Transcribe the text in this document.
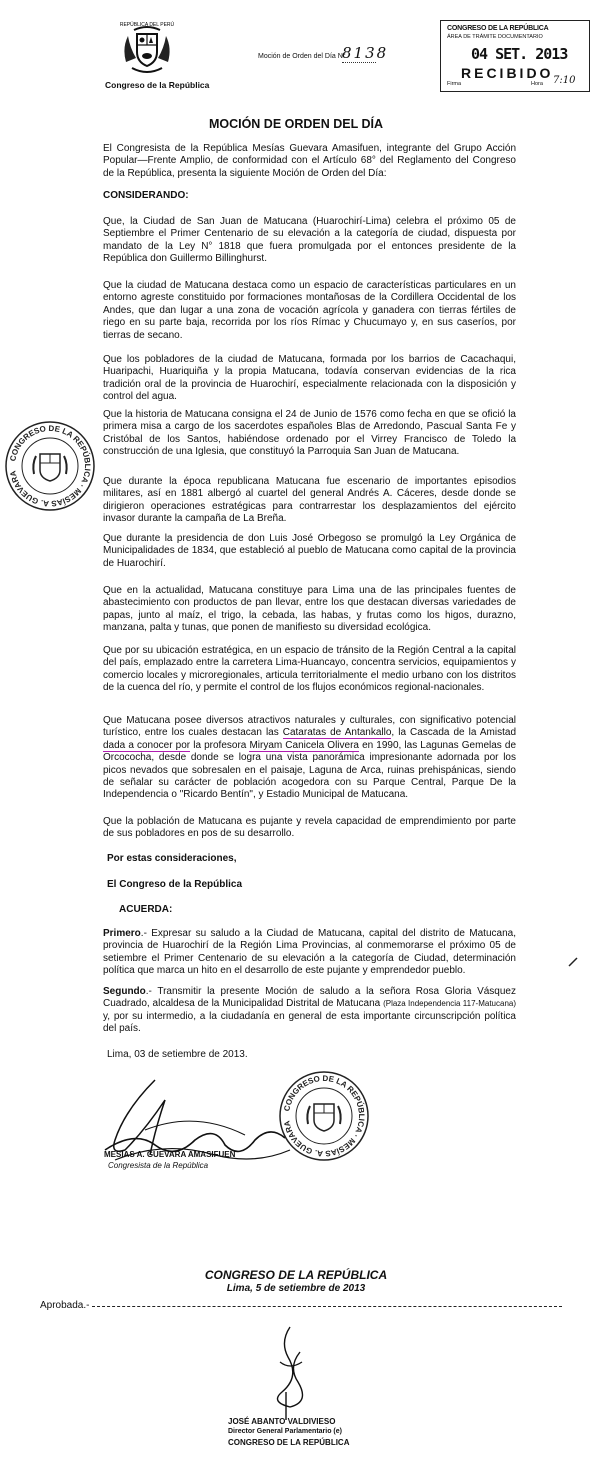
REPÚBLICA DEL PERÚ
Congreso de la República
Moción de Orden del Día N°
8138
CONGRESO DE LA REPÚBLICA
ÁREA DE TRÁMITE DOCUMENTARIO
04 SET. 2013
RECIBIDO
Firma	Hora 7:10
MOCIÓN DE ORDEN DEL DÍA

El Congresista de la República Mesías Guevara Amasifuen, integrante del Grupo Acción Popular—Frente Amplio, de conformidad con el Artículo 68° del Reglamento del Congreso de la República, presenta la siguiente Moción de Orden del Día:

CONSIDERANDO:

Que, la Ciudad de San Juan de Matucana (Huarochirí-Lima) celebra el próximo 05 de Septiembre el Primer Centenario de su elevación a la categoría de ciudad, dispuesta por mandato de la Ley N° 1818 que fuera promulgada por el entonces presidente de la República don Guillermo Billinghurst.

Que la ciudad de Matucana destaca como un espacio de características particulares en un entorno agreste constituido por formaciones montañosas de la Cordillera Occidental de los Andes, que dan lugar a una zona de vocación agrícola y ganadera con tierras fértiles de riego en su parte baja, recorrida por los ríos Rímac y Chucumayo y, en sus caseríos, por tierras de secano.

Que los pobladores de la ciudad de Matucana, formada por los barrios de Cacachaqui, Huaripachi, Huariquiña y la propia Matucana, todavía conservan evidencias de la rica tradición oral de la provincia de Huarochirí, especialmente relacionada con la disposición y control del agua.

Que la historia de Matucana consigna el 24 de Junio de 1576 como fecha en que se ofició la primera misa a cargo de los sacerdotes españoles Blas de Arredondo, Pascual Santa Fe y Cristóbal de los Santos, habiéndose ordenado por el Virrey Francisco de Toledo la construcción de una Iglesia, que constituyó la Parroquia San Juan de Matucana.

Que durante la época republicana Matucana fue escenario de importantes episodios militares, así en 1881 albergó al cuartel del general Andrés A. Cáceres, desde donde se dirigieron operaciones estratégicas para contrarrestar los desplazamientos del ejército invasor durante la campaña de La Breña.

Que durante la presidencia de don Luis José Orbegoso se promulgó la Ley Orgánica de Municipalidades de 1834, que estableció al pueblo de Matucana como capital de la provincia de Huarochirí.

Que en la actualidad, Matucana constituye para Lima una de las principales fuentes de abastecimiento con productos de pan llevar, entre los que destacan diversas variedades de papas, junto al maíz, el trigo, la cebada, las habas, y frutas como los higos, durazno, manzana, palta y tunas, que ponen de manifiesto su diversidad ecológica.

Que por su ubicación estratégica, en un espacio de tránsito de la Región Central a la capital del país, emplazado entre la carretera Lima-Huancayo, concentra servicios, equipamientos y comercio locales y microregionales, articula territorialmente el medio urbano con los distritos de la cuenca del río, y permite el control de los flujos económicos regional-nacionales.

Que Matucana posee diversos atractivos naturales y culturales, con significativo potencial turístico, entre los cuales destacan las Cataratas de Antankallo, la Cascada de la Amistad dada a conocer por la profesora Miryam Canicela Olivera en 1990, las Lagunas Gemelas de Orcococha, desde donde se logra una vista panorámica impresionante adornada por los picos nevados que sobresalen en el paisaje, Laguna de Arca, ruinas prehispánicas, siendo de señalar su carácter de población acogedora con su Parque Central, Parque De la Independencia o "Ricardo Bentín", y Estadio Municipal de Matucana.

Que la población de Matucana es pujante y revela capacidad de emprendimiento por parte de sus pobladores en pos de su desarrollo.

Por estas consideraciones,
El Congreso de la República
ACUERDA:

Primero.- Expresar su saludo a la Ciudad de Matucana, capital del distrito de Matucana, provincia de Huarochirí de la Región Lima Provincias, al conmemorarse el próximo 05 de setiembre el Primer Centenario de su elevación a la categoría de Ciudad, determinación política que marca un hito en el desarrollo de este pujante y emprendedor pueblo.

Segundo.- Transmitir la presente Moción de saludo a la señora Rosa Gloria Vásquez Cuadrado, alcaldesa de la Municipalidad Distrital de Matucana (Plaza Independencia 117-Matucana) y, por su intermedio, a la ciudadanía en general de esta importante circunscripción política del país.

Lima, 03 de setiembre de 2013.
CONGRESO DE LA REPÚBLICA · MESÍAS A. GUEVARA
MESIAS A. GUEVARA AMASIFUEN
Congresista de la República
CONGRESO DE LA REPÚBLICA · MESÍAS A. GUEVARA
CONGRESO DE LA REPÚBLICA
Lima, 5 de setiembre de 2013
Aprobada.-
JOSÉ ABANTO VALDIVIESO
Director General Parlamentario (e)
CONGRESO DE LA REPÚBLICA
